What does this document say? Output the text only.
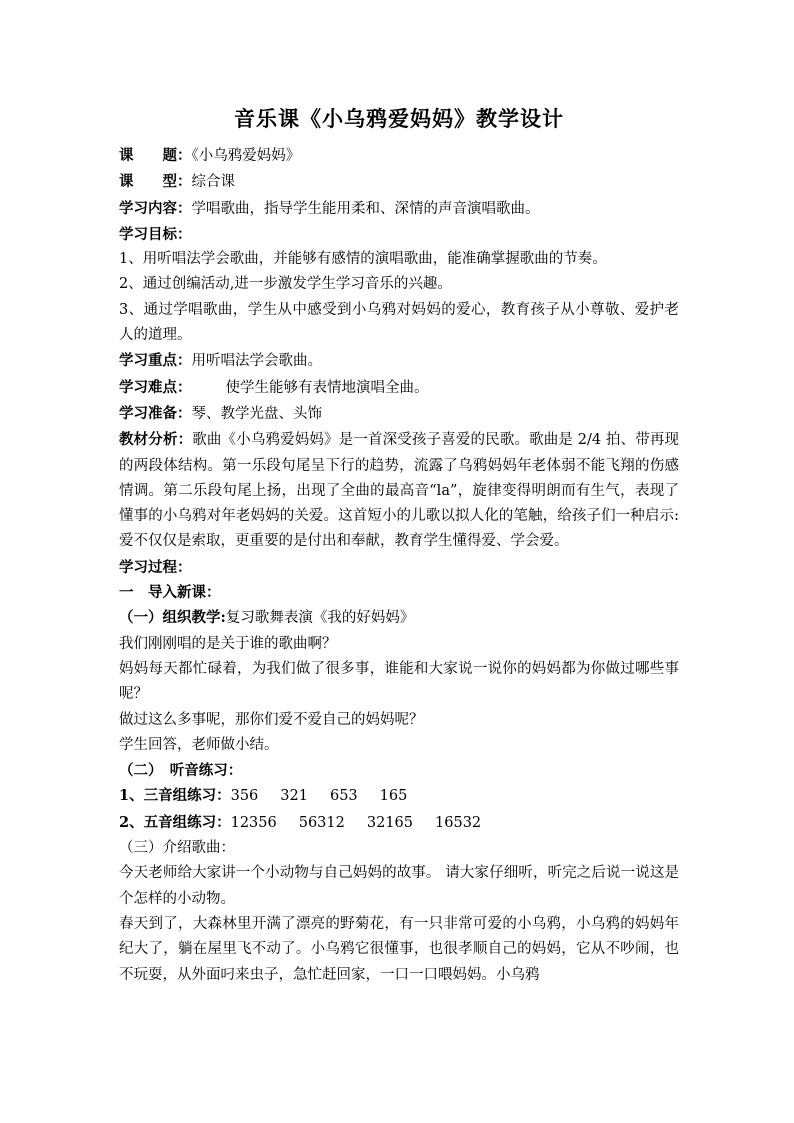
音乐课《小乌鸦爱妈妈》教学设计

课　　题：《小乌鸦爱妈妈》

课　　型：综合课

学习内容：学唱歌曲，指导学生能用柔和、深情的声音演唱歌曲。

学习目标：

1、用听唱法学会歌曲，并能够有感情的演唱歌曲，能准确掌握歌曲的节奏。

2、通过创编活动,进一步激发学生学习音乐的兴趣。

3、通过学唱歌曲，学生从中感受到小乌鸦对妈妈的爱心，教育孩子从小尊敬、爱护老人的道理。

学习重点：用听唱法学会歌曲。

学习难点： 使学生能够有表情地演唱全曲。

学习准备：琴、教学光盘、头饰

教材分析：歌曲《小乌鸦爱妈妈》是一首深受孩子喜爱的民歌。歌曲是 2/4 拍、带再现的两段体结构。第一乐段句尾呈下行的趋势，流露了乌鸦妈妈年老体弱不能飞翔的伤感情调。第二乐段句尾上扬，出现了全曲的最高音“la”，旋律变得明朗而有生气，表现了懂事的小乌鸦对年老妈妈的关爱。这首短小的儿歌以拟人化的笔触，给孩子们一种启示: 爱不仅仅是索取，更重要的是付出和奉献，教育学生懂得爱、学会爱。

学习过程：

一　导入新课：

（一）组织教学:复习歌舞表演《我的好妈妈》

我们刚刚唱的是关于谁的歌曲啊？

妈妈每天都忙碌着，为我们做了很多事，谁能和大家说一说你的妈妈都为你做过哪些事呢？

做过这么多事呢，那你们爱不爱自己的妈妈呢？

学生回答，老师做小结。

（二）　听音练习：

1、三音组练习：356 321 653 165

2、五音组练习：12356 56312 32165 16532

（三）介绍歌曲：

今天老师给大家讲一个小动物与自己妈妈的故事。 请大家仔细听，听完之后说一说这是个怎样的小动物。

春天到了，大森林里开满了漂亮的野菊花，有一只非常可爱的小乌鸦，小乌鸦的妈妈年纪大了，躺在屋里飞不动了。小乌鸦它很懂事，也很孝顺自己的妈妈，它从不吵闹，也不玩耍，从外面叼来虫子，急忙赶回家，一口一口喂妈妈。小乌鸦
